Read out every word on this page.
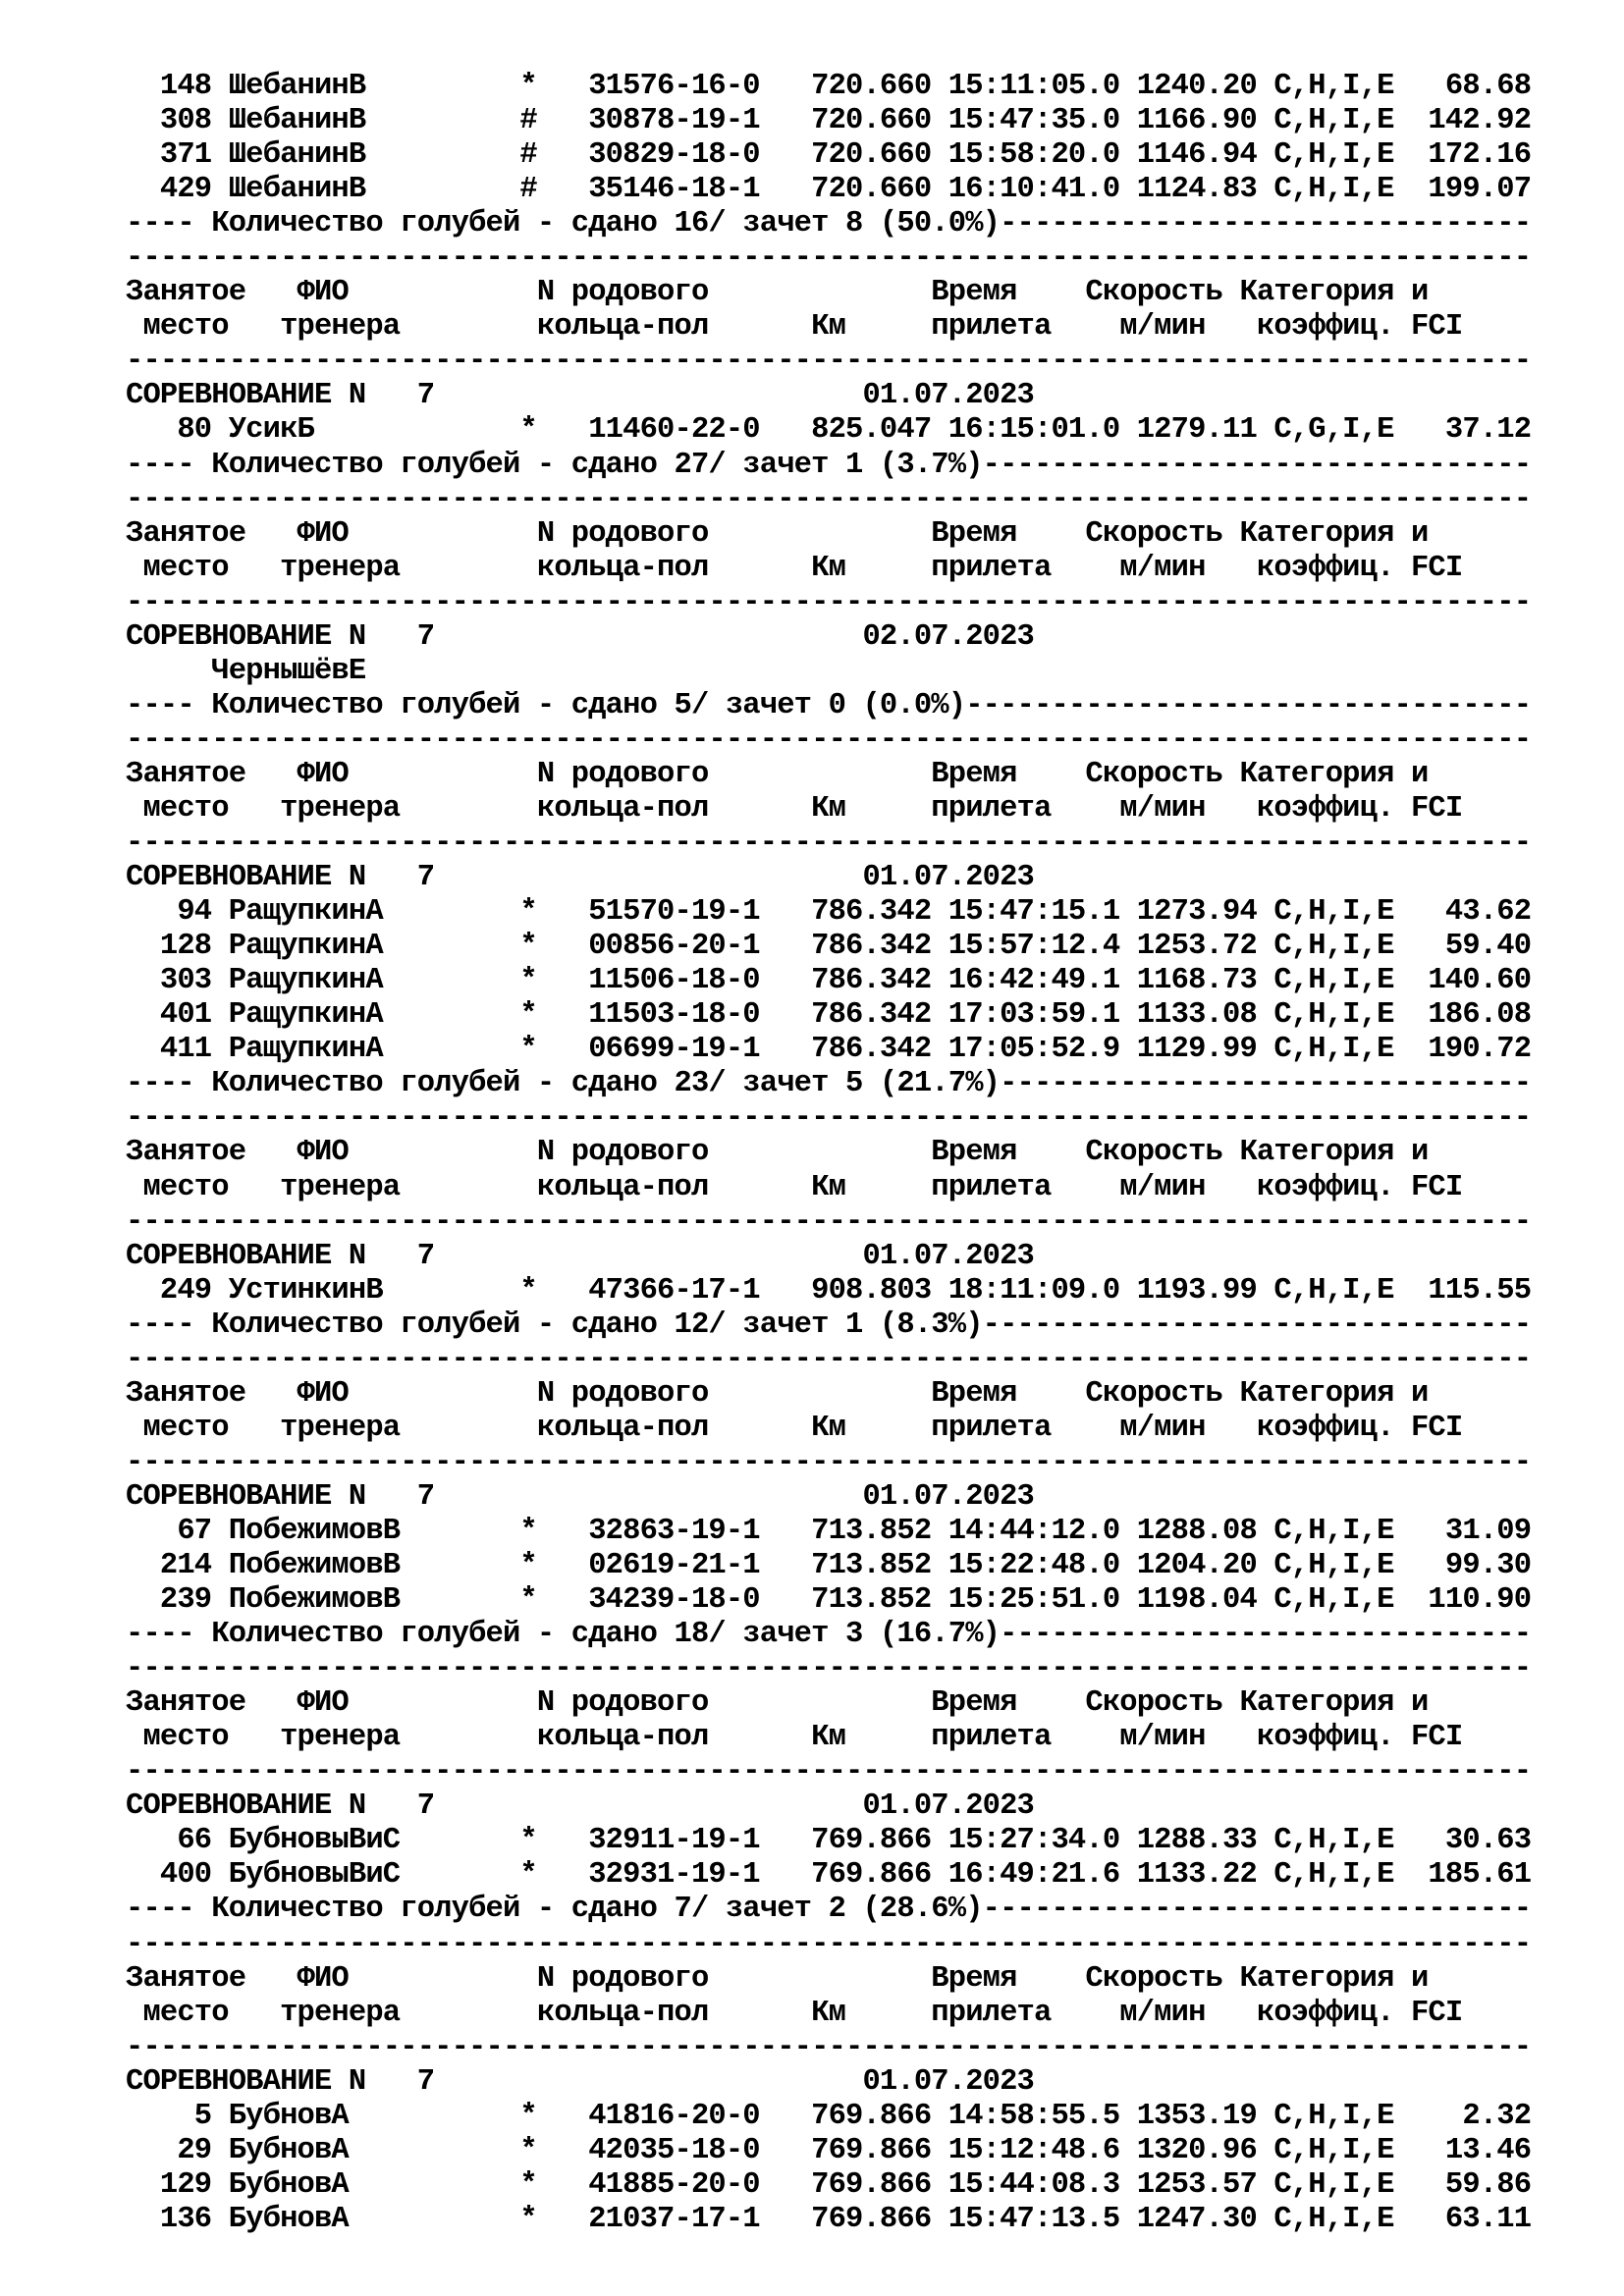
148 ШебанинВ         *   31576-16-0   720.660 15:11:05.0 1240.20 C,H,I,E   68.68
308 ШебанинВ         #   30878-19-1   720.660 15:47:35.0 1166.90 C,H,I,E  142.92
371 ШебанинВ         #   30829-18-0   720.660 15:58:20.0 1146.94 C,H,I,E  172.16
429 ШебанинВ         #   35146-18-1   720.660 16:10:41.0 1124.83 C,H,I,E  199.07
---- Количество голубей - сдано 16/ зачет 8 (50.0%)-------------------------------
----------------------------------------------------------------------------------
Занятое   ФИО           N родового             Время    Скорость Категория и
место   тренера        кольца-пол      Км     прилета    м/мин   коэффиц. FCI
----------------------------------------------------------------------------------
СОРЕВНОВАНИЕ N   7                         01.07.2023
80 УсикБ            *   11460-22-0   825.047 16:15:01.0 1279.11 C,G,I,E   37.12
---- Количество голубей - сдано 27/ зачет 1 (3.7%)--------------------------------
----------------------------------------------------------------------------------
Занятое   ФИО           N родового             Время    Скорость Категория и
место   тренера        кольца-пол      Км     прилета    м/мин   коэффиц. FCI
----------------------------------------------------------------------------------
СОРЕВНОВАНИЕ N   7                         02.07.2023
ЧернышёвЕ
---- Количество голубей - сдано 5/ зачет 0 (0.0%)---------------------------------
----------------------------------------------------------------------------------
Занятое   ФИО           N родового             Время    Скорость Категория и
место   тренера        кольца-пол      Км     прилета    м/мин   коэффиц. FCI
----------------------------------------------------------------------------------
СОРЕВНОВАНИЕ N   7                         01.07.2023
94 РащупкинА        *   51570-19-1   786.342 15:47:15.1 1273.94 C,H,I,E   43.62
128 РащупкинА        *   00856-20-1   786.342 15:57:12.4 1253.72 C,H,I,E   59.40
303 РащупкинА        *   11506-18-0   786.342 16:42:49.1 1168.73 C,H,I,E  140.60
401 РащупкинА        *   11503-18-0   786.342 17:03:59.1 1133.08 C,H,I,E  186.08
411 РащупкинА        *   06699-19-1   786.342 17:05:52.9 1129.99 C,H,I,E  190.72
---- Количество голубей - сдано 23/ зачет 5 (21.7%)-------------------------------
----------------------------------------------------------------------------------
Занятое   ФИО           N родового             Время    Скорость Категория и
место   тренера        кольца-пол      Км     прилета    м/мин   коэффиц. FCI
----------------------------------------------------------------------------------
СОРЕВНОВАНИЕ N   7                         01.07.2023
249 УстинкинВ        *   47366-17-1   908.803 18:11:09.0 1193.99 C,H,I,E  115.55
---- Количество голубей - сдано 12/ зачет 1 (8.3%)--------------------------------
----------------------------------------------------------------------------------
Занятое   ФИО           N родового             Время    Скорость Категория и
место   тренера        кольца-пол      Км     прилета    м/мин   коэффиц. FCI
----------------------------------------------------------------------------------
СОРЕВНОВАНИЕ N   7                         01.07.2023
67 ПобежимовВ       *   32863-19-1   713.852 14:44:12.0 1288.08 C,H,I,E   31.09
214 ПобежимовВ       *   02619-21-1   713.852 15:22:48.0 1204.20 C,H,I,E   99.30
239 ПобежимовВ       *   34239-18-0   713.852 15:25:51.0 1198.04 C,H,I,E  110.90
---- Количество голубей - сдано 18/ зачет 3 (16.7%)-------------------------------
----------------------------------------------------------------------------------
Занятое   ФИО           N родового             Время    Скорость Категория и
место   тренера        кольца-пол      Км     прилета    м/мин   коэффиц. FCI
----------------------------------------------------------------------------------
СОРЕВНОВАНИЕ N   7                         01.07.2023
66 БубновыВиС       *   32911-19-1   769.866 15:27:34.0 1288.33 C,H,I,E   30.63
400 БубновыВиС       *   32931-19-1   769.866 16:49:21.6 1133.22 C,H,I,E  185.61
---- Количество голубей - сдано 7/ зачет 2 (28.6%)--------------------------------
----------------------------------------------------------------------------------
Занятое   ФИО           N родового             Время    Скорость Категория и
место   тренера        кольца-пол      Км     прилета    м/мин   коэффиц. FCI
----------------------------------------------------------------------------------
СОРЕВНОВАНИЕ N   7                         01.07.2023
5 БубновА          *   41816-20-0   769.866 14:58:55.5 1353.19 C,H,I,E    2.32
29 БубновА          *   42035-18-0   769.866 15:12:48.6 1320.96 C,H,I,E   13.46
129 БубновА          *   41885-20-0   769.866 15:44:08.3 1253.57 C,H,I,E   59.86
136 БубновА          *   21037-17-1   769.866 15:47:13.5 1247.30 C,H,I,E   63.11
